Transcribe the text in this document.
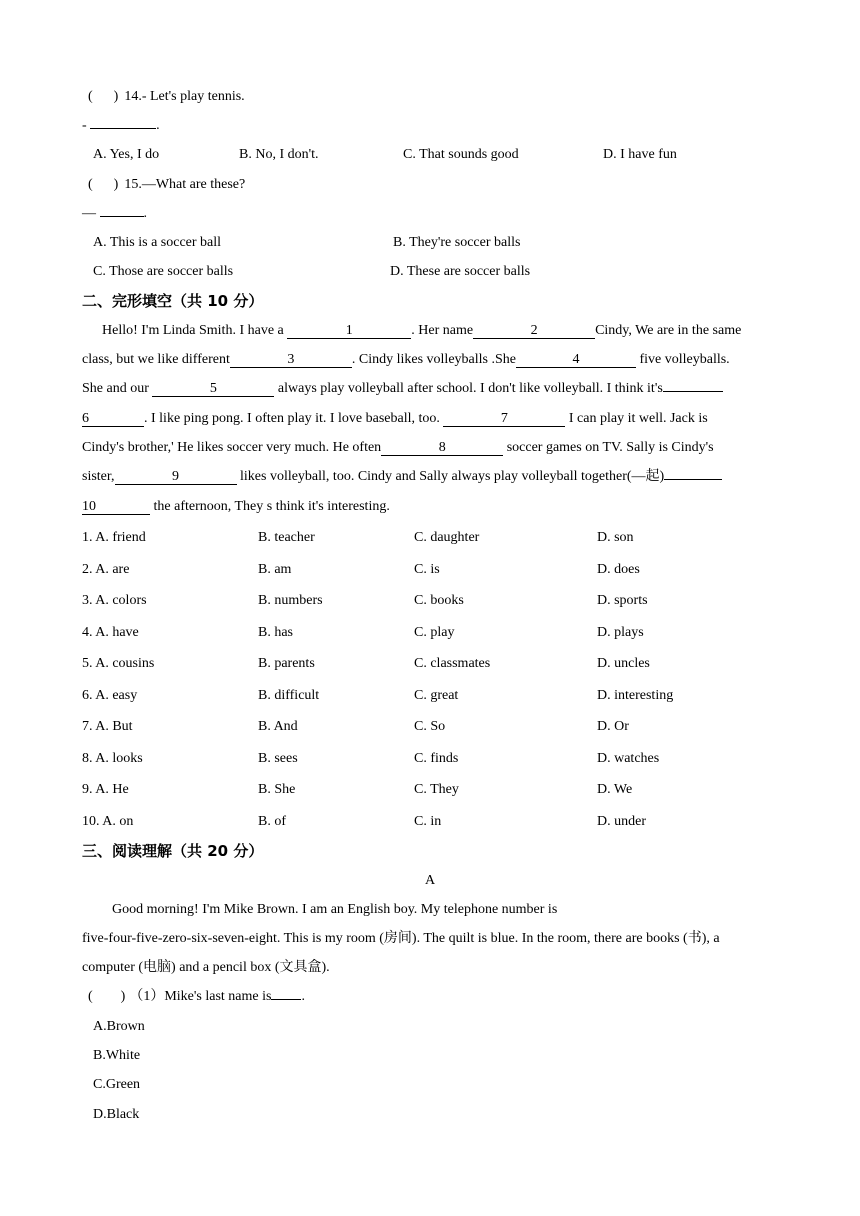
(      ) 14.- Let's play tennis.
-	.
A. Yes, I do	B. No, I don't.	C. That sounds good	D. I have fun
(      ) 15.—What are these?
—	.
A. This is a soccer ball	B. They're soccer balls
C. Those are soccer balls	D. These are soccer balls
二、完形填空（共 10 分）
Hello! I'm Linda Smith. I have a	1	. Her name	2	Cindy, We are in the same
class, but we like different	3	. Cindy likes volleyballs .She	4	five volleyballs.
She and our	5	always play volleyball after school. I don't like volleyball. I think it's
6	. I like ping pong. I often play it. I love baseball, too.	7	I can play it well. Jack is
Cindy's brother,' He likes soccer very much. He often	8	soccer games on TV. Sally is Cindy's
sister,	9	likes volleyball, too. Cindy and Sally always play volleyball together(—起)
10	the afternoon, They s think it's interesting.
1. A. friend	B. teacher	C. daughter	D. son
2. A. are	B. am	C. is	D. does
3. A. colors	B. numbers	C. books	D. sports
4. A. have	B. has	C. play	D. plays
5. A. cousins	B. parents	C. classmates	D. uncles
6. A. easy	B. difficult	C. great	D. interesting
7. A. But	B. And	C. So	D. Or
8. A. looks	B. sees	C. finds	D. watches
9. A. He	B. She	C. They	D. We
10. A. on	B. of	C. in	D. under
三、阅读理解（共 20 分）
A
Good morning! I'm Mike Brown. I am an English boy. My telephone number is
five-four-five-zero-six-seven-eight. This is my room (房间). The quilt is blue. In the room, there are books (书), a
computer (电脑) and a pencil box (文具盒).
(        ) （1）Mike's last name is .
A.Brown
B.White
C.Green
D.Black
